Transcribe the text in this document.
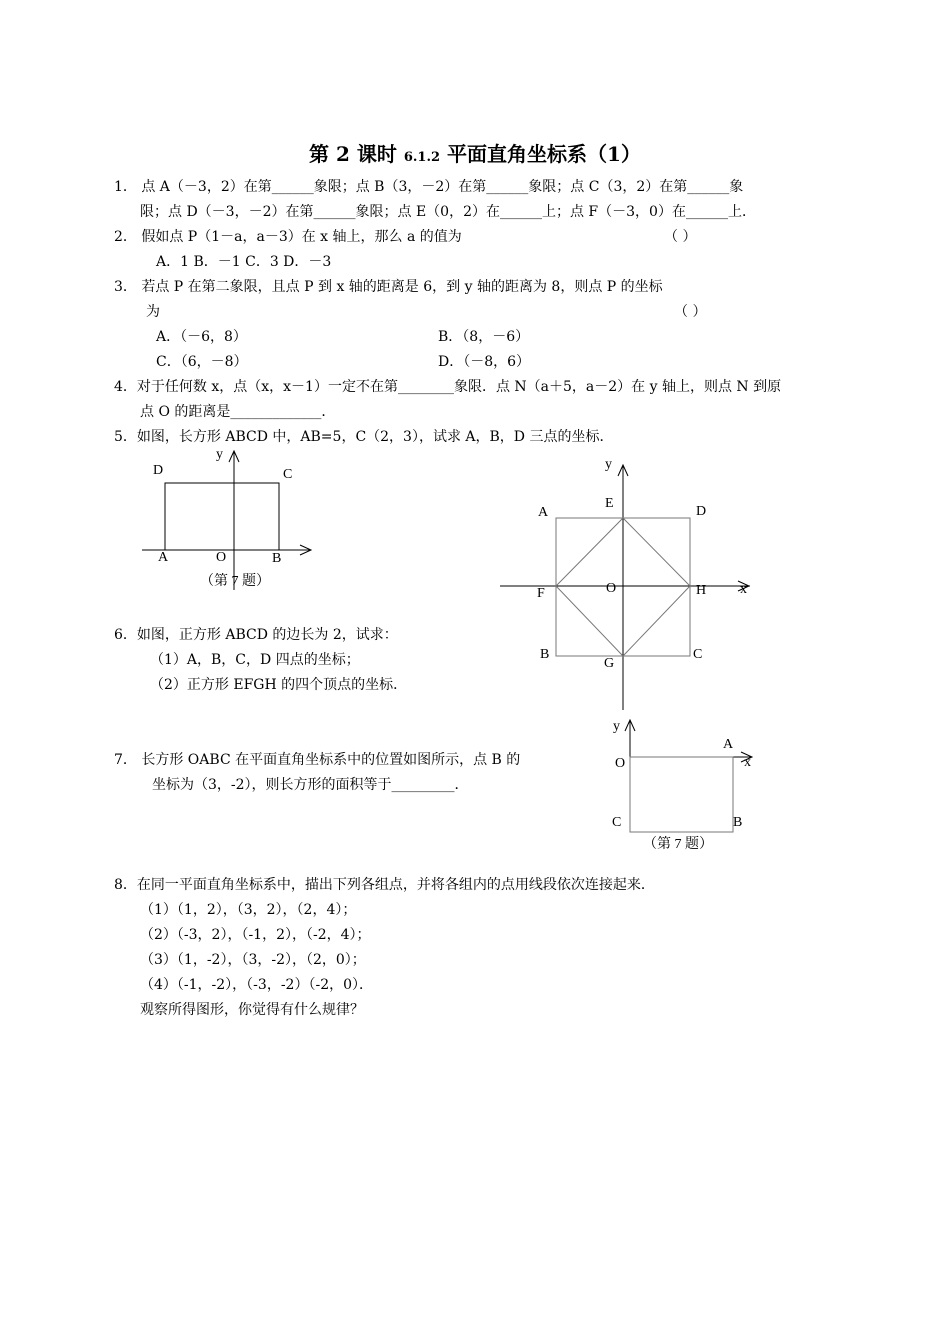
第 2 课时 6.1.2 平面直角坐标系（1）
1． 点 A（－3，2）在第______象限；点 B（3，－2）在第______象限；点 C（3，2）在第______象
限；点 D（－3，－2）在第______象限；点 E（0，2）在______上；点 F（－3，0）在______上．
2． 假如点 P（1－a，a－3）在 x 轴上，那么 a 的值为	（ ）
A．1 B．－1 C．3 D．－3
3． 若点 P 在第二象限，且点 P 到 x 轴的距离是 6，到 y 轴的距离为 8，则点 P 的坐标
为	（ ）
A．（－6，8）	B．（8，－6）
C．（6，－8）	D．（－8，6）
4．对于任何数 x，点（x，x－1）一定不在第________象限．点 N（a＋5，a－2）在 y 轴上，则点 N 到原
点 O 的距离是_____________．
5．如图，长方形 ABCD 中，AB=5，C（2，3），试求 A，B，D 三点的坐标．
y
D	C
A	O	B
（第 7 题）
y
x
A
E
D
F	O	H
B
G
C
6．如图，正方形 ABCD 的边长为 2，试求：
（1）A，B，C，D 四点的坐标；
（2）正方形 EFGH 的四个顶点的坐标．
7． 长方形 OABC 在平面直角坐标系中的位置如图所示，点 B 的
坐标为（3，-2），则长方形的面积等于_________．
y
x
O
A
C	B
（第 7 题）
8．在同一平面直角坐标系中，描出下列各组点，并将各组内的点用线段依次连接起来．
（1）（1，2），（3，2），（2，4）；
（2）（-3，2），（-1，2），（-2，4）；
（3）（1，-2），（3，-2），（2，0）；
（4）（-1，-2），（-3，-2）（-2，0）．
观察所得图形，你觉得有什么规律？
